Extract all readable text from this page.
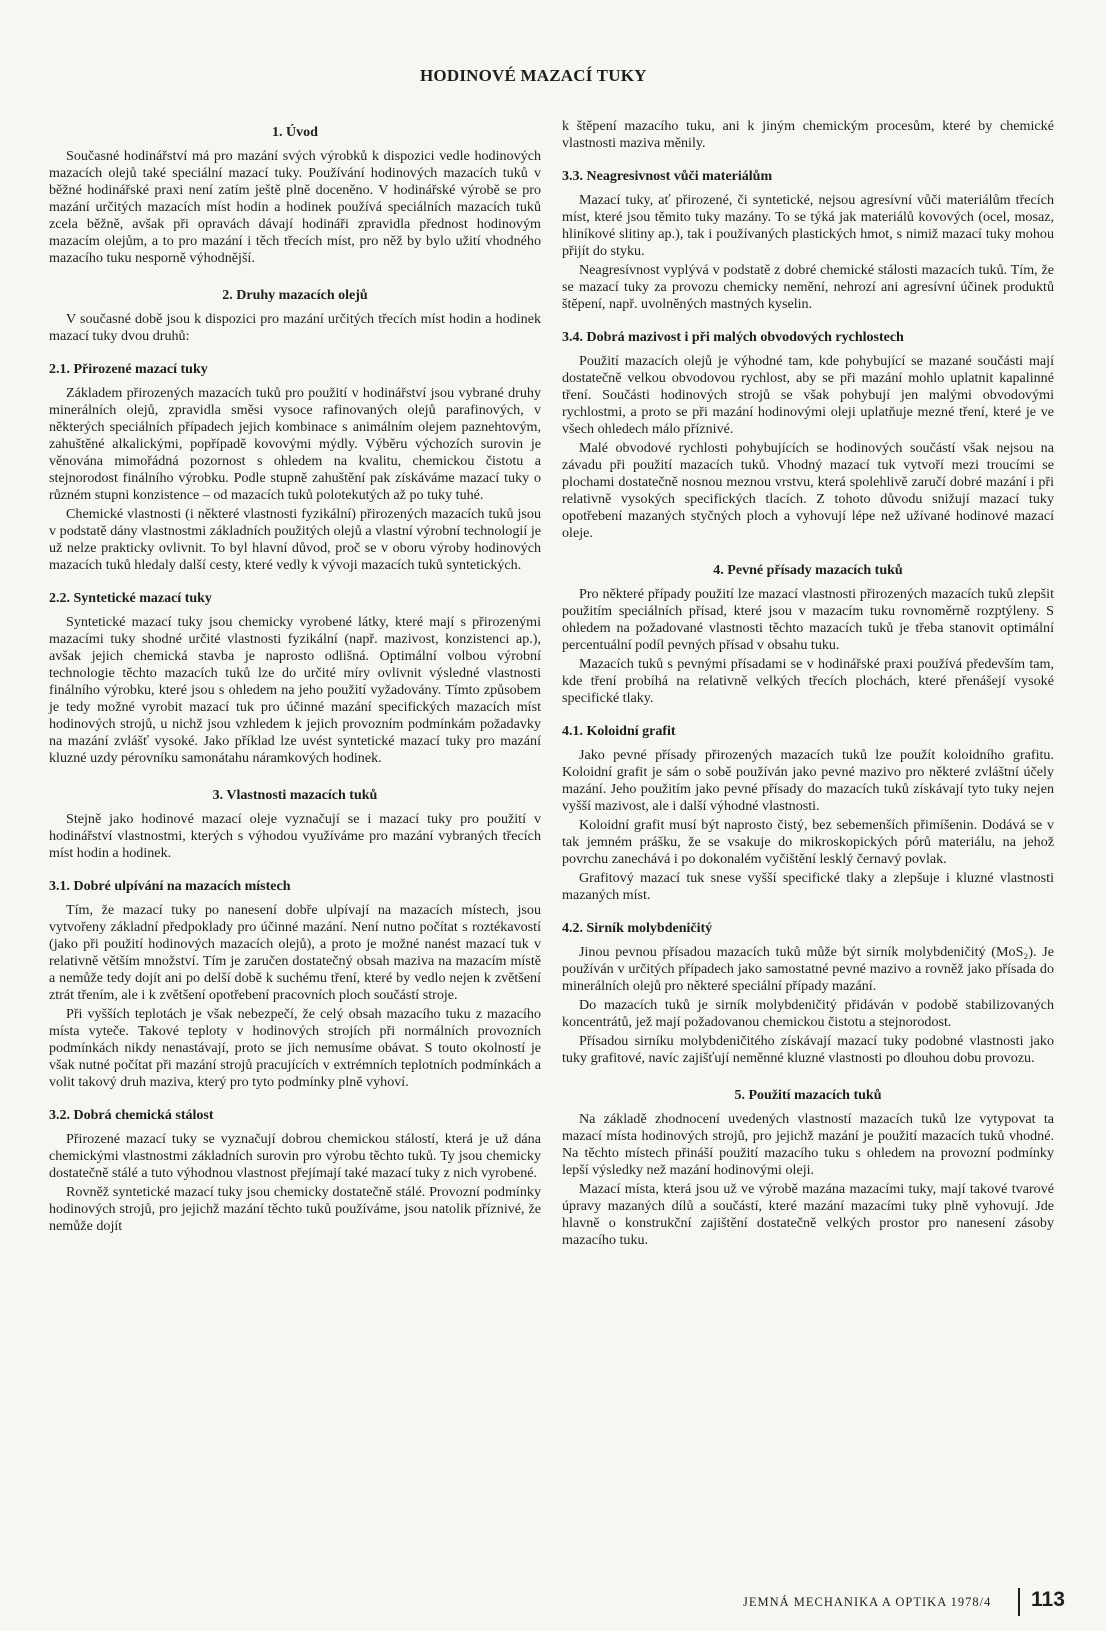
HODINOVÉ MAZACÍ TUKY
1. Úvod

Současné hodinářství má pro mazání svých výrobků k dispozici vedle hodinových mazacích olejů také speciální mazací tuky. Používání hodinových mazacích tuků v běžné hodinářské praxi není zatím ještě plně doceněno. V hodinářské výrobě se pro mazání určitých mazacích míst hodin a hodinek používá speciálních mazacích tuků zcela běžně, avšak při opravách dávají hodináři zpravidla přednost hodinovým mazacím olejům, a to pro mazání i těch třecích míst, pro něž by bylo užití vhodného mazacího tuku nesporně výhodnější.

2. Druhy mazacích olejů

V současné době jsou k dispozici pro mazání určitých třecích míst hodin a hodinek mazací tuky dvou druhů:

2.1. Přirozené mazací tuky

Základem přirozených mazacích tuků pro použití v hodinářství jsou vybrané druhy minerálních olejů, zpravidla směsi vysoce rafinovaných olejů parafinových, v některých speciálních případech jejich kombinace s animálním olejem paznehtovým, zahuštěné alkalickými, popřípadě kovovými mýdly. Výběru výchozích surovin je věnována mimořádná pozornost s ohledem na kvalitu, chemickou čistotu a stejnorodost finálního výrobku. Podle stupně zahuštění pak získáváme mazací tuky o různém stupni konzistence – od mazacích tuků polotekutých až po tuky tuhé.

Chemické vlastnosti (i některé vlastnosti fyzikální) přirozených mazacích tuků jsou v podstatě dány vlastnostmi základních použitých olejů a vlastní výrobní technologií je už nelze prakticky ovlivnit. To byl hlavní důvod, proč se v oboru výroby hodinových mazacích tuků hledaly další cesty, které vedly k vývoji mazacích tuků syntetických.

2.2. Syntetické mazací tuky

Syntetické mazací tuky jsou chemicky vyrobené látky, které mají s přirozenými mazacími tuky shodné určité vlastnosti fyzikální (např. mazivost, konzistenci ap.), avšak jejich chemická stavba je naprosto odlišná. Optimální volbou výrobní technologie těchto mazacích tuků lze do určité míry ovlivnit výsledné vlastnosti finálního výrobku, které jsou s ohledem na jeho použití vyžadovány. Tímto způsobem je tedy možné vyrobit mazací tuk pro účinné mazání specifických mazacích míst hodinových strojů, u nichž jsou vzhledem k jejich provozním podmínkám požadavky na mazání zvlášť vysoké. Jako příklad lze uvést syntetické mazací tuky pro mazání kluzné uzdy pérovníku samonátahu náramkových hodinek.

3. Vlastnosti mazacích tuků

Stejně jako hodinové mazací oleje vyznačují se i mazací tuky pro použití v hodinářství vlastnostmi, kterých s výhodou využíváme pro mazání vybraných třecích míst hodin a hodinek.

3.1. Dobré ulpívání na mazacích místech

Tím, že mazací tuky po nanesení dobře ulpívají na mazacích místech, jsou vytvořeny základní předpoklady pro účinné mazání. Není nutno počítat s roztékavostí (jako při použití hodinových mazacích olejů), a proto je možné nanést mazací tuk v relativně větším množství. Tím je zaručen dostatečný obsah maziva na mazacím místě a nemůže tedy dojít ani po delší době k suchému tření, které by vedlo nejen k zvětšení ztrát třením, ale i k zvětšení opotřebení pracovních ploch součástí stroje.

Při vyšších teplotách je však nebezpečí, že celý obsah mazacího tuku z mazacího místa vyteče. Takové teploty v hodinových strojích při normálních provozních podmínkách nikdy nenastávají, proto se jich nemusíme obávat. S touto okolností je však nutné počítat při mazání strojů pracujících v extrémních teplotních podmínkách a volit takový druh maziva, který pro tyto podmínky plně vyhoví.

3.2. Dobrá chemická stálost

Přirozené mazací tuky se vyznačují dobrou chemickou stálostí, která je už dána chemickými vlastnostmi základních surovin pro výrobu těchto tuků. Ty jsou chemicky dostatečně stálé a tuto výhodnou vlastnost přejímají také mazací tuky z nich vyrobené.

Rovněž syntetické mazací tuky jsou chemicky dostatečně stálé. Provozní podmínky hodinových strojů, pro jejichž mazání těchto tuků používáme, jsou natolik příznivé, že nemůže dojít

k štěpení mazacího tuku, ani k jiným chemickým procesům, které by chemické vlastnosti maziva měnily.

3.3. Neagresivnost vůči materiálům

Mazací tuky, ať přirozené, či syntetické, nejsou agresívní vůči materiálům třecích míst, které jsou těmito tuky mazány. To se týká jak materiálů kovových (ocel, mosaz, hliníkové slitiny ap.), tak i používaných plastických hmot, s nimiž mazací tuky mohou přijít do styku.

Neagresívnost vyplývá v podstatě z dobré chemické stálosti mazacích tuků. Tím, že se mazací tuky za provozu chemicky nemění, nehrozí ani agresívní účinek produktů štěpení, např. uvolněných mastných kyselin.

3.4. Dobrá mazivost i při malých obvodových rychlostech

Použití mazacích olejů je výhodné tam, kde pohybující se mazané součásti mají dostatečně velkou obvodovou rychlost, aby se při mazání mohlo uplatnit kapalinné tření. Součásti hodinových strojů se však pohybují jen malými obvodovými rychlostmi, a proto se při mazání hodinovými oleji uplatňuje mezné tření, které je ve všech ohledech málo příznivé.

Malé obvodové rychlosti pohybujících se hodinových součástí však nejsou na závadu při použití mazacích tuků. Vhodný mazací tuk vytvoří mezi troucími se plochami dostatečně nosnou meznou vrstvu, která spolehlivě zaručí dobré mazání i při relativně vysokých specifických tlacích. Z tohoto důvodu snižují mazací tuky opotřebení mazaných styčných ploch a vyhovují lépe než užívané hodinové mazací oleje.

4. Pevné přísady mazacích tuků

Pro některé případy použití lze mazací vlastnosti přirozených mazacích tuků zlepšit použitím speciálních přísad, které jsou v mazacím tuku rovnoměrně rozptýleny. S ohledem na požadované vlastnosti těchto mazacích tuků je třeba stanovit optimální percentuální podíl pevných přísad v obsahu tuku.

Mazacích tuků s pevnými přísadami se v hodinářské praxi používá především tam, kde tření probíhá na relativně velkých třecích plochách, které přenášejí vysoké specifické tlaky.

4.1. Koloidní grafit

Jako pevné přísady přirozených mazacích tuků lze použít koloidního grafitu. Koloidní grafit je sám o sobě používán jako pevné mazivo pro některé zvláštní účely mazání. Jeho použitím jako pevné přísady do mazacích tuků získávají tyto tuky nejen vyšší mazivost, ale i další výhodné vlastnosti.

Koloidní grafit musí být naprosto čistý, bez sebemenších přimíšenin. Dodává se v tak jemném prášku, že se vsakuje do mikroskopických pórů materiálu, na jehož povrchu zanechává i po dokonalém vyčištění lesklý černavý povlak.

Grafitový mazací tuk snese vyšší specifické tlaky a zlepšuje i kluzné vlastnosti mazaných míst.

4.2. Sirník molybdeničitý

Jinou pevnou přísadou mazacích tuků může být sirník molybdeničitý (MoS₂). Je používán v určitých případech jako samostatné pevné mazivo a rovněž jako přísada do minerálních olejů pro některé speciální případy mazání.

Do mazacích tuků je sirník molybdeničitý přidáván v podobě stabilizovaných koncentrátů, jež mají požadovanou chemickou čistotu a stejnorodost.

Přísadou sirníku molybdeničitého získávají mazací tuky podobné vlastnosti jako tuky grafitové, navíc zajišťují neměnné kluzné vlastnosti po dlouhou dobu provozu.

5. Použití mazacích tuků

Na základě zhodnocení uvedených vlastností mazacích tuků lze vytypovat ta mazací místa hodinových strojů, pro jejichž mazání je použití mazacích tuků vhodné. Na těchto místech přináší použití mazacího tuku s ohledem na provozní podmínky lepší výsledky než mazání hodinovými oleji.

Mazací místa, která jsou už ve výrobě mazána mazacími tuky, mají takové tvarové úpravy mazaných dílů a součástí, které mazání mazacími tuky plně vyhovují. Jde hlavně o konstrukční zajištění dostatečně velkých prostor pro nanesení zásoby mazacího tuku.

JEMNÁ MECHANIKA A OPTIKA 1978/4 113
